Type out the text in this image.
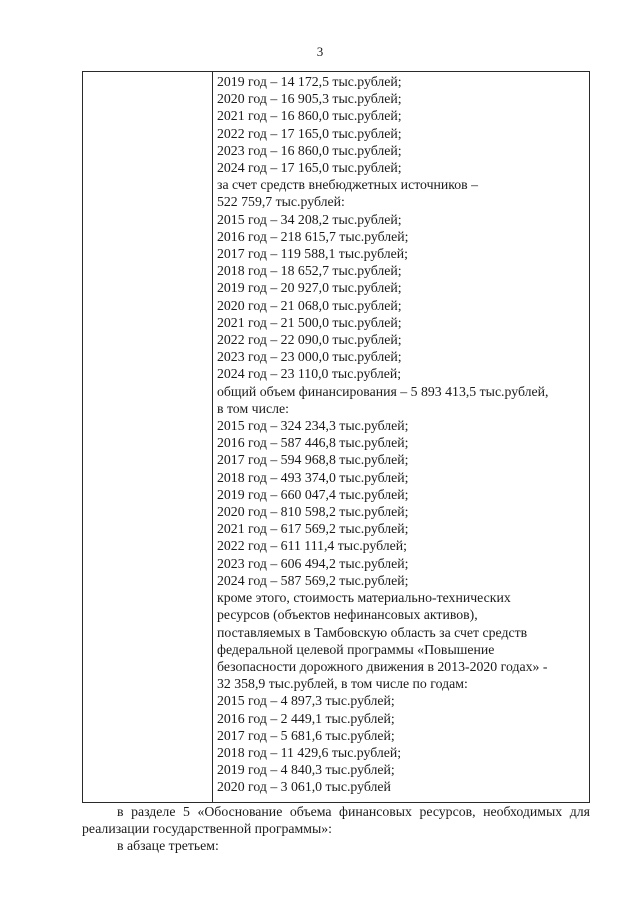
3
2019 год – 14 172,5 тыс.рублей;
2020 год – 16 905,3 тыс.рублей;
2021 год – 16 860,0 тыс.рублей;
2022 год – 17 165,0 тыс.рублей;
2023 год – 16 860,0 тыс.рублей;
2024 год – 17 165,0 тыс.рублей;
за счет средств внебюджетных источников –
522 759,7 тыс.рублей:
2015 год – 34 208,2 тыс.рублей;
2016 год – 218 615,7 тыс.рублей;
2017 год – 119 588,1 тыс.рублей;
2018 год – 18 652,7 тыс.рублей;
2019 год – 20 927,0 тыс.рублей;
2020 год – 21 068,0 тыс.рублей;
2021 год – 21 500,0 тыс.рублей;
2022 год – 22 090,0 тыс.рублей;
2023 год – 23 000,0 тыс.рублей;
2024 год – 23 110,0 тыс.рублей;
общий объем финансирования – 5 893 413,5 тыс.рублей,
в том числе:
2015 год – 324 234,3 тыс.рублей;
2016 год – 587 446,8 тыс.рублей;
2017 год – 594 968,8 тыс.рублей;
2018 год – 493 374,0 тыс.рублей;
2019 год – 660 047,4 тыс.рублей;
2020 год – 810 598,2 тыс.рублей;
2021 год – 617 569,2 тыс.рублей;
2022 год – 611 111,4 тыс.рублей;
2023 год – 606 494,2 тыс.рублей;
2024 год – 587 569,2 тыс.рублей;
кроме этого, стоимость материально-технических
ресурсов (объектов нефинансовых активов),
поставляемых в Тамбовскую область за счет средств
федеральной целевой программы «Повышение
безопасности дорожного движения в 2013-2020 годах» -
32 358,9 тыс.рублей, в том числе по годам:
2015 год – 4 897,3 тыс.рублей;
2016 год – 2 449,1 тыс.рублей;
2017 год – 5 681,6 тыс.рублей;
2018 год – 11 429,6 тыс.рублей;
2019 год – 4 840,3 тыс.рублей;
2020 год – 3 061,0 тыс.рублей

в разделе 5 «Обоснование объема финансовых ресурсов, необходимых для реализации государственной программы»:

в абзаце третьем:
